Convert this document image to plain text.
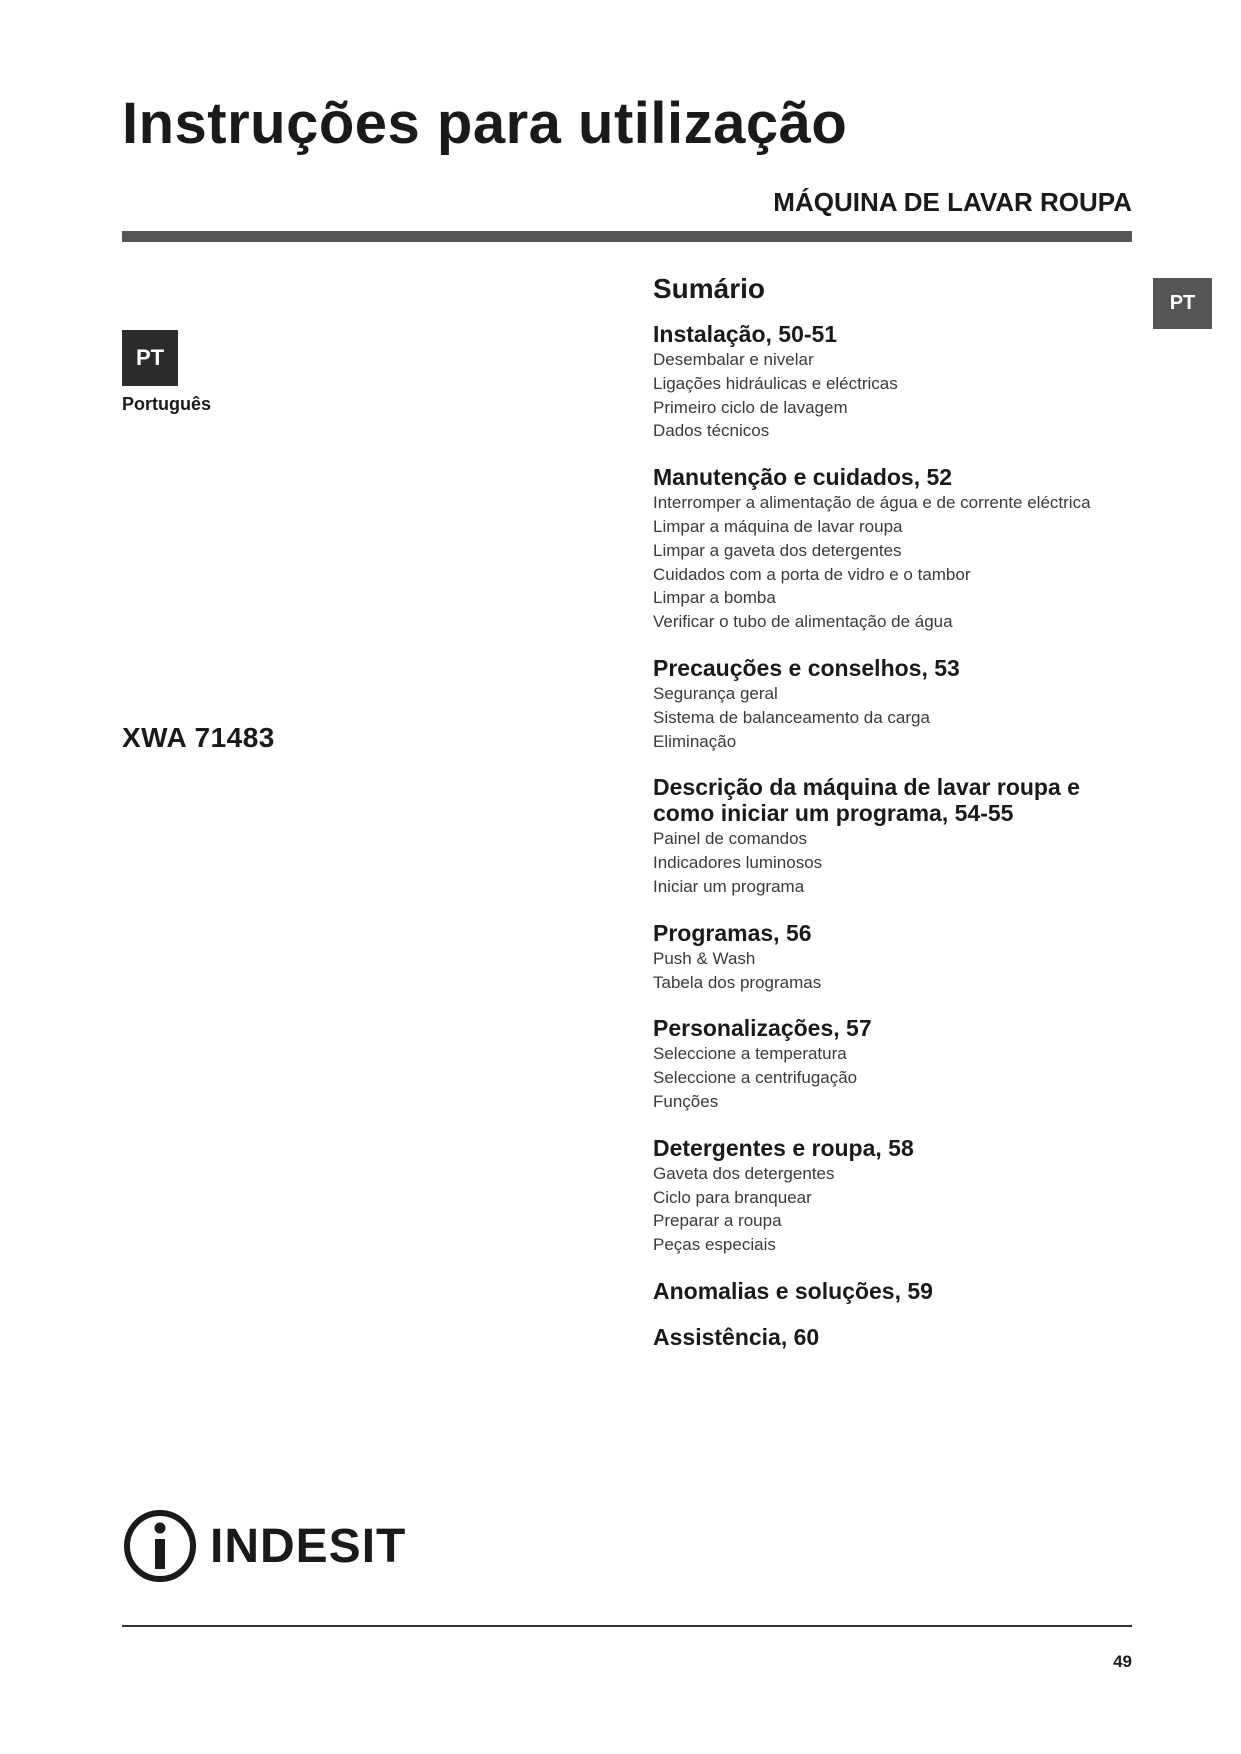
Instruções para utilização
MÁQUINA DE LAVAR ROUPA
PT
Português
XWA 71483
PT
Sumário
Instalação, 50-51
Desembalar e nivelar
Ligações hidráulicas e eléctricas
Primeiro ciclo de lavagem
Dados técnicos
Manutenção e cuidados, 52
Interromper a alimentação de água e de corrente eléctrica
Limpar a máquina de lavar roupa
Limpar a gaveta dos detergentes
Cuidados com a porta de vidro e o tambor
Limpar a bomba
Verificar o tubo de alimentação de água
Precauções e conselhos, 53
Segurança geral
Sistema de balanceamento da carga
Eliminação
Descrição da máquina de lavar roupa e
como iniciar um programa, 54-55
Painel de comandos
Indicadores luminosos
Iniciar um programa
Programas, 56
Push & Wash
Tabela dos programas
Personalizações, 57
Seleccione a temperatura
Seleccione a centrifugação
Funções
Detergentes e roupa, 58
Gaveta dos detergentes
Ciclo para branquear
Preparar a roupa
Peças especiais
Anomalias e soluções, 59
Assistência, 60
INDESIT
49
